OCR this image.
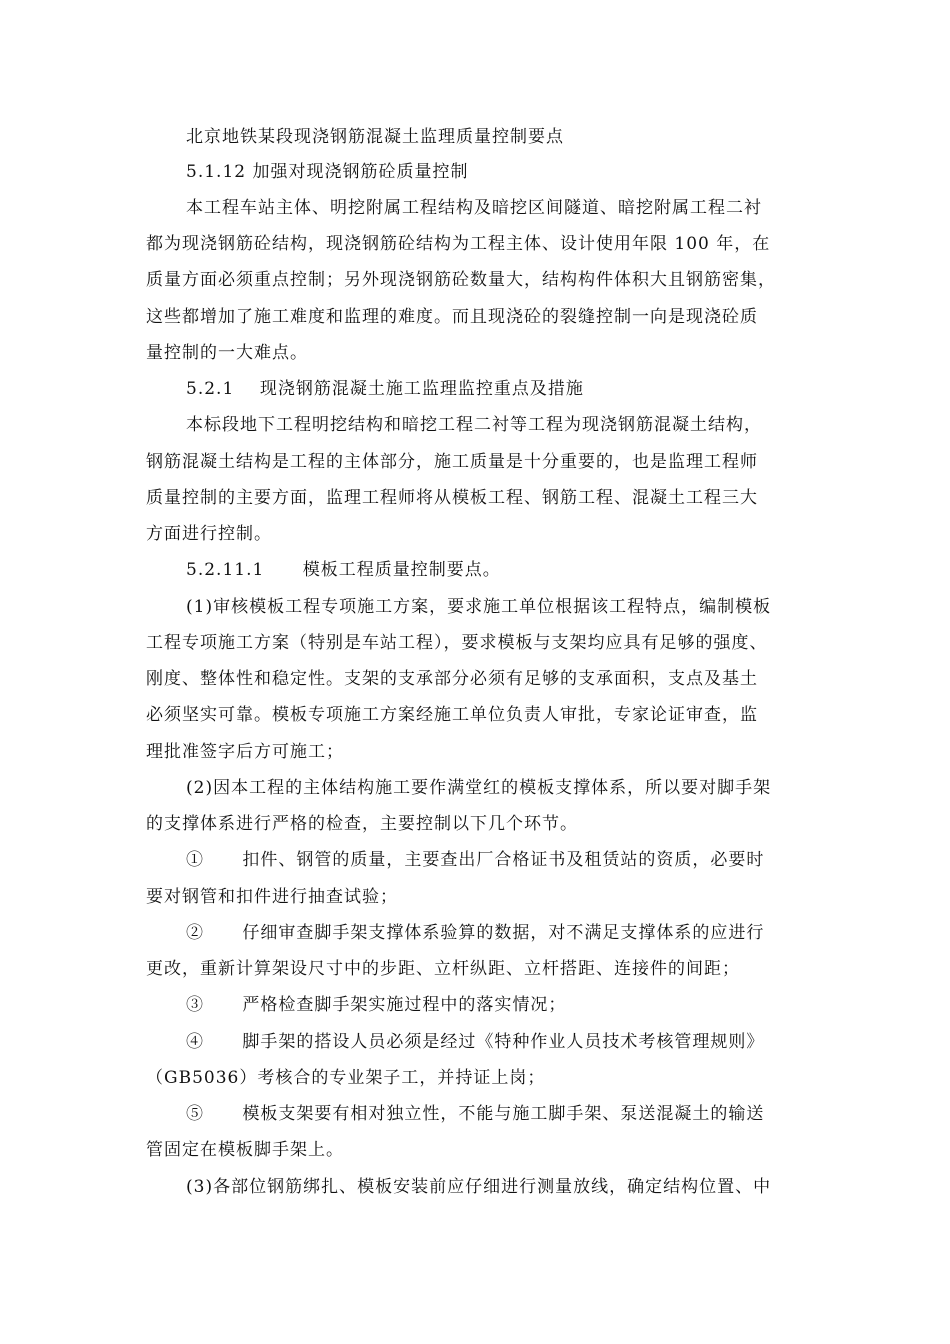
北京地铁某段现浇钢筋混凝土监理质量控制要点
5.1.12 加强对现浇钢筋砼质量控制
本工程车站主体、明挖附属工程结构及暗挖区间隧道、暗挖附属工程二衬
都为现浇钢筋砼结构，现浇钢筋砼结构为工程主体、设计使用年限 100 年，在
质量方面必须重点控制；另外现浇钢筋砼数量大，结构构件体积大且钢筋密集，
这些都增加了施工难度和监理的难度。而且现浇砼的裂缝控制一向是现浇砼质
量控制的一大难点。
5.2.1    现浇钢筋混凝土施工监理监控重点及措施
本标段地下工程明挖结构和暗挖工程二衬等工程为现浇钢筋混凝土结构，
钢筋混凝土结构是工程的主体部分，施工质量是十分重要的，也是监理工程师
质量控制的主要方面，监理工程师将从模板工程、钢筋工程、混凝土工程三大
方面进行控制。
5.2.11.1      模板工程质量控制要点。
(1)审核模板工程专项施工方案，要求施工单位根据该工程特点，编制模板
工程专项施工方案（特别是车站工程），要求模板与支架均应具有足够的强度、
刚度、整体性和稳定性。支架的支承部分必须有足够的支承面积，支点及基土
必须坚实可靠。模板专项施工方案经施工单位负责人审批，专家论证审查，监
理批准签字后方可施工；
(2)因本工程的主体结构施工要作满堂红的模板支撑体系，所以要对脚手架
的支撑体系进行严格的检查，主要控制以下几个环节。
①      扣件、钢管的质量，主要查出厂合格证书及租赁站的资质，必要时
要对钢管和扣件进行抽查试验；
②      仔细审查脚手架支撑体系验算的数据，对不满足支撑体系的应进行
更改，重新计算架设尺寸中的步距、立杆纵距、立杆搭距、连接件的间距；
③      严格检查脚手架实施过程中的落实情况；
④      脚手架的搭设人员必须是经过《特种作业人员技术考核管理规则》
（GB5036）考核合的专业架子工，并持证上岗；
⑤      模板支架要有相对独立性，不能与施工脚手架、泵送混凝土的输送
管固定在模板脚手架上。
(3)各部位钢筋绑扎、模板安装前应仔细进行测量放线，确定结构位置、中
